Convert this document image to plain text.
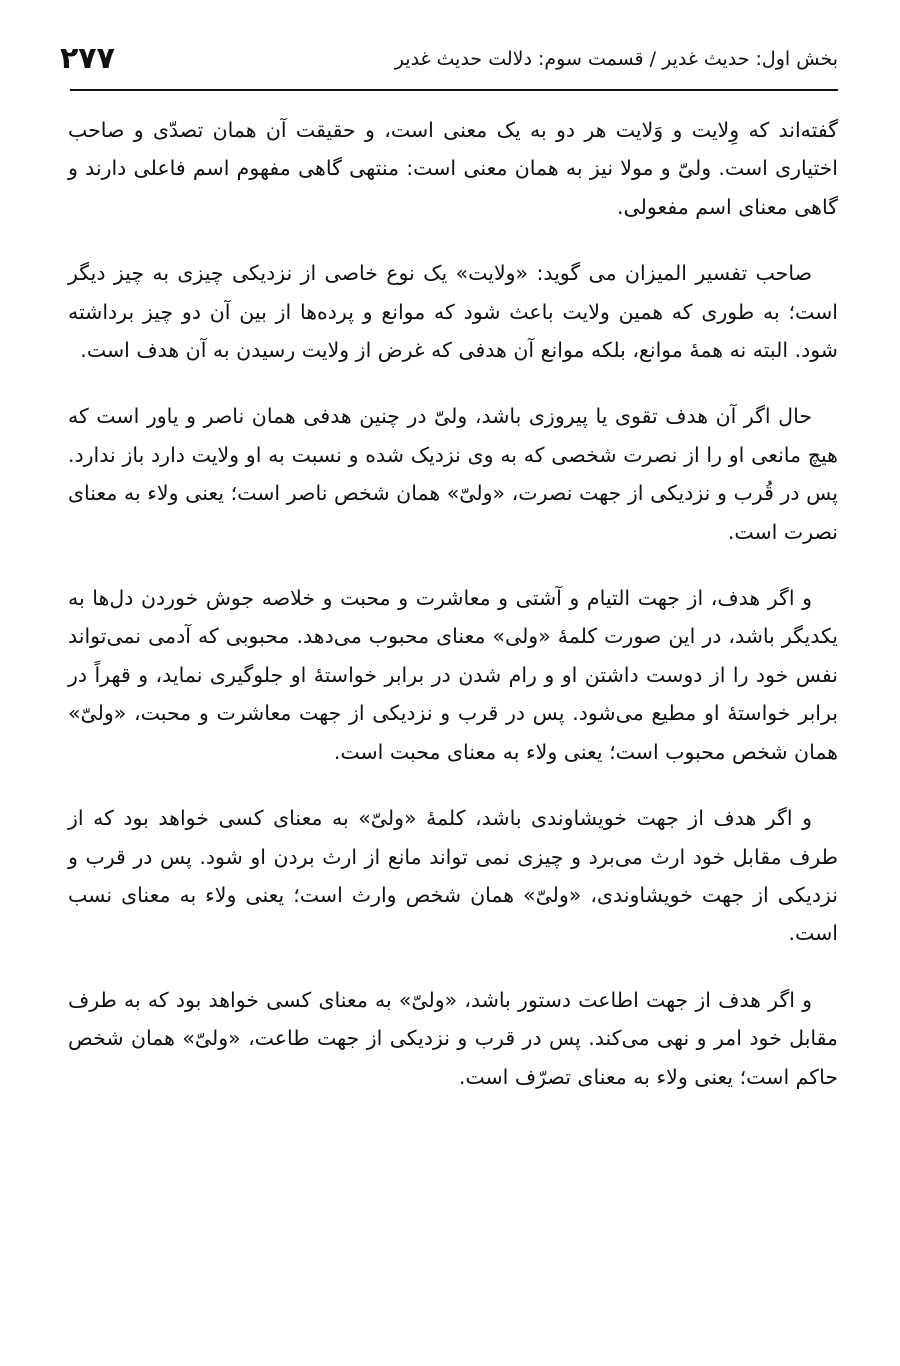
بخش اول: حدیث غدیر / قسمت سوم: دلالت حدیث غدیر
۲۷۷

گفته‌اند که وِلایت و وَلایت هر دو به یک معنی است، و حقیقت آن همان تصدّی و صاحب اختیاری است. ولیّ و مولا نیز به همان معنی است: منتهی گاهی مفهوم اسم فاعلی دارند و گاهی معنای اسم مفعولی.

صاحب تفسیر المیزان می گوید: «ولایت» یک نوع خاصی از نزدیکی چیزی به چیز دیگر است؛ به طوری که همین ولایت باعث شود که موانع و پرده‌ها از بین آن دو چیز برداشته شود. البته نه همهٔ موانع، بلکه موانع آن هدفی که غرض از ولایت رسیدن به آن هدف است.

حال اگر آن هدف تقوی یا پیروزی باشد، ولیّ در چنین هدفی همان ناصر و یاور است که هیچ مانعی او را از نصرت شخصی که به وی نزدیک شده و نسبت به او ولایت دارد باز ندارد. پس در قُرب و نزدیکی از جهت نصرت، «ولیّ» همان شخص ناصر است؛ یعنی ولاء به معنای نصرت است.

و اگر هدف، از جهت التیام و آشتی و معاشرت و محبت و خلاصه جوش خوردن دل‌ها به یکدیگر باشد، در این صورت کلمهٔ «ولی» معنای محبوب می‌دهد. محبوبی که آدمی نمی‌تواند نفس خود را از دوست داشتن او و رام شدن در برابر خواستهٔ او جلوگیری نماید، و قهراً در برابر خواستهٔ او مطیع می‌شود. پس در قرب و نزدیکی از جهت معاشرت و محبت، «ولیّ» همان شخص محبوب است؛ یعنی ولاء به معنای محبت است.

و اگر هدف از جهت خویشاوندی باشد، کلمهٔ «ولیّ» به معنای کسی خواهد بود که از طرف مقابل خود ارث می‌برد و چیزی نمی تواند مانع از ارث بردن او شود. پس در قرب و نزدیکی از جهت خویشاوندی، «ولیّ» همان شخص وارث است؛ یعنی ولاء به معنای نسب است.

و اگر هدف از جهت اطاعت دستور باشد، «ولیّ» به معنای کسی خواهد بود که به طرف مقابل خود امر و نهی می‌کند. پس در قرب و نزدیکی از جهت طاعت، «ولیّ» همان شخص حاکم است؛ یعنی ولاء به معنای تصرّف است.
